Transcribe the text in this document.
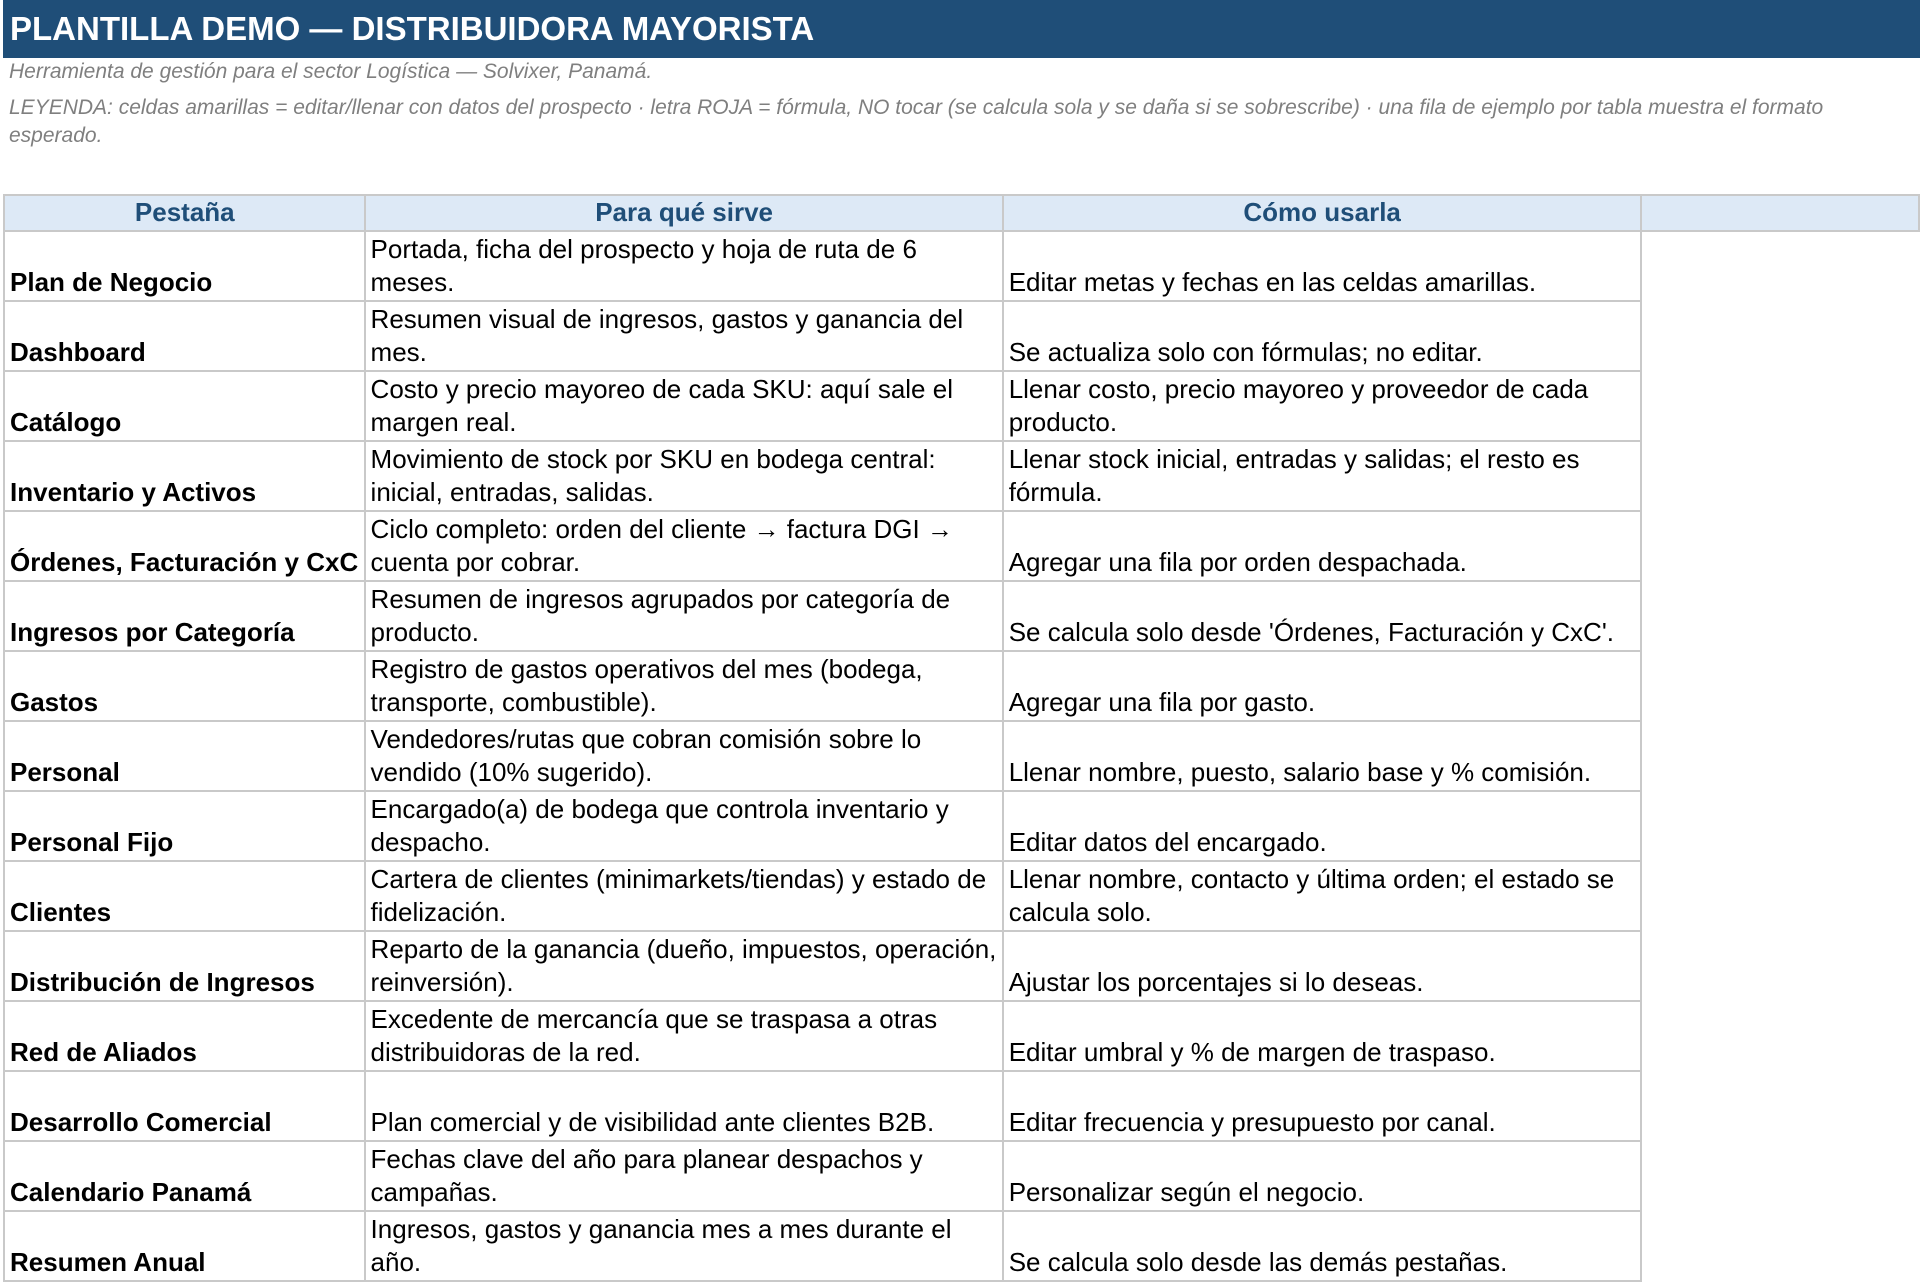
PLANTILLA DEMO — DISTRIBUIDORA MAYORISTA
Herramienta de gestión para el sector Logística — Solvixer, Panamá.
LEYENDA: celdas amarillas = editar/llenar con datos del prospecto · letra ROJA = fórmula, NO tocar (se calcula sola y se daña si se sobrescribe) · una fila de ejemplo por tabla muestra el formato esperado.
Pestaña	Para qué sirve	Cómo usarla	
Plan de Negocio	Portada, ficha del prospecto y hoja de ruta de 6 meses.	Editar metas y fechas en las celdas amarillas.	
Dashboard	Resumen visual de ingresos, gastos y ganancia del mes.	Se actualiza solo con fórmulas; no editar.	
Catálogo	Costo y precio mayoreo de cada SKU: aquí sale el margen real.	Llenar costo, precio mayoreo y proveedor de cada producto.	
Inventario y Activos	Movimiento de stock por SKU en bodega central: inicial, entradas, salidas.	Llenar stock inicial, entradas y salidas; el resto es fórmula.	
Órdenes, Facturación y CxC	Ciclo completo: orden del cliente → factura DGI → cuenta por cobrar.	Agregar una fila por orden despachada.	
Ingresos por Categoría	Resumen de ingresos agrupados por categoría de producto.	Se calcula solo desde 'Órdenes, Facturación y CxC'.	
Gastos	Registro de gastos operativos del mes (bodega, transporte, combustible).	Agregar una fila por gasto.	
Personal	Vendedores/rutas que cobran comisión sobre lo vendido (10% sugerido).	Llenar nombre, puesto, salario base y % comisión.	
Personal Fijo	Encargado(a) de bodega que controla inventario y despacho.	Editar datos del encargado.	
Clientes	Cartera de clientes (minimarkets/tiendas) y estado de fidelización.	Llenar nombre, contacto y última orden; el estado se calcula solo.	
Distribución de Ingresos	Reparto de la ganancia (dueño, impuestos, operación, reinversión).	Ajustar los porcentajes si lo deseas.	
Red de Aliados	Excedente de mercancía que se traspasa a otras distribuidoras de la red.	Editar umbral y % de margen de traspaso.	
Desarrollo Comercial	Plan comercial y de visibilidad ante clientes B2B.	Editar frecuencia y presupuesto por canal.	
Calendario Panamá	Fechas clave del año para planear despachos y campañas.	Personalizar según el negocio.	
Resumen Anual	Ingresos, gastos y ganancia mes a mes durante el año.	Se calcula solo desde las demás pestañas.	
